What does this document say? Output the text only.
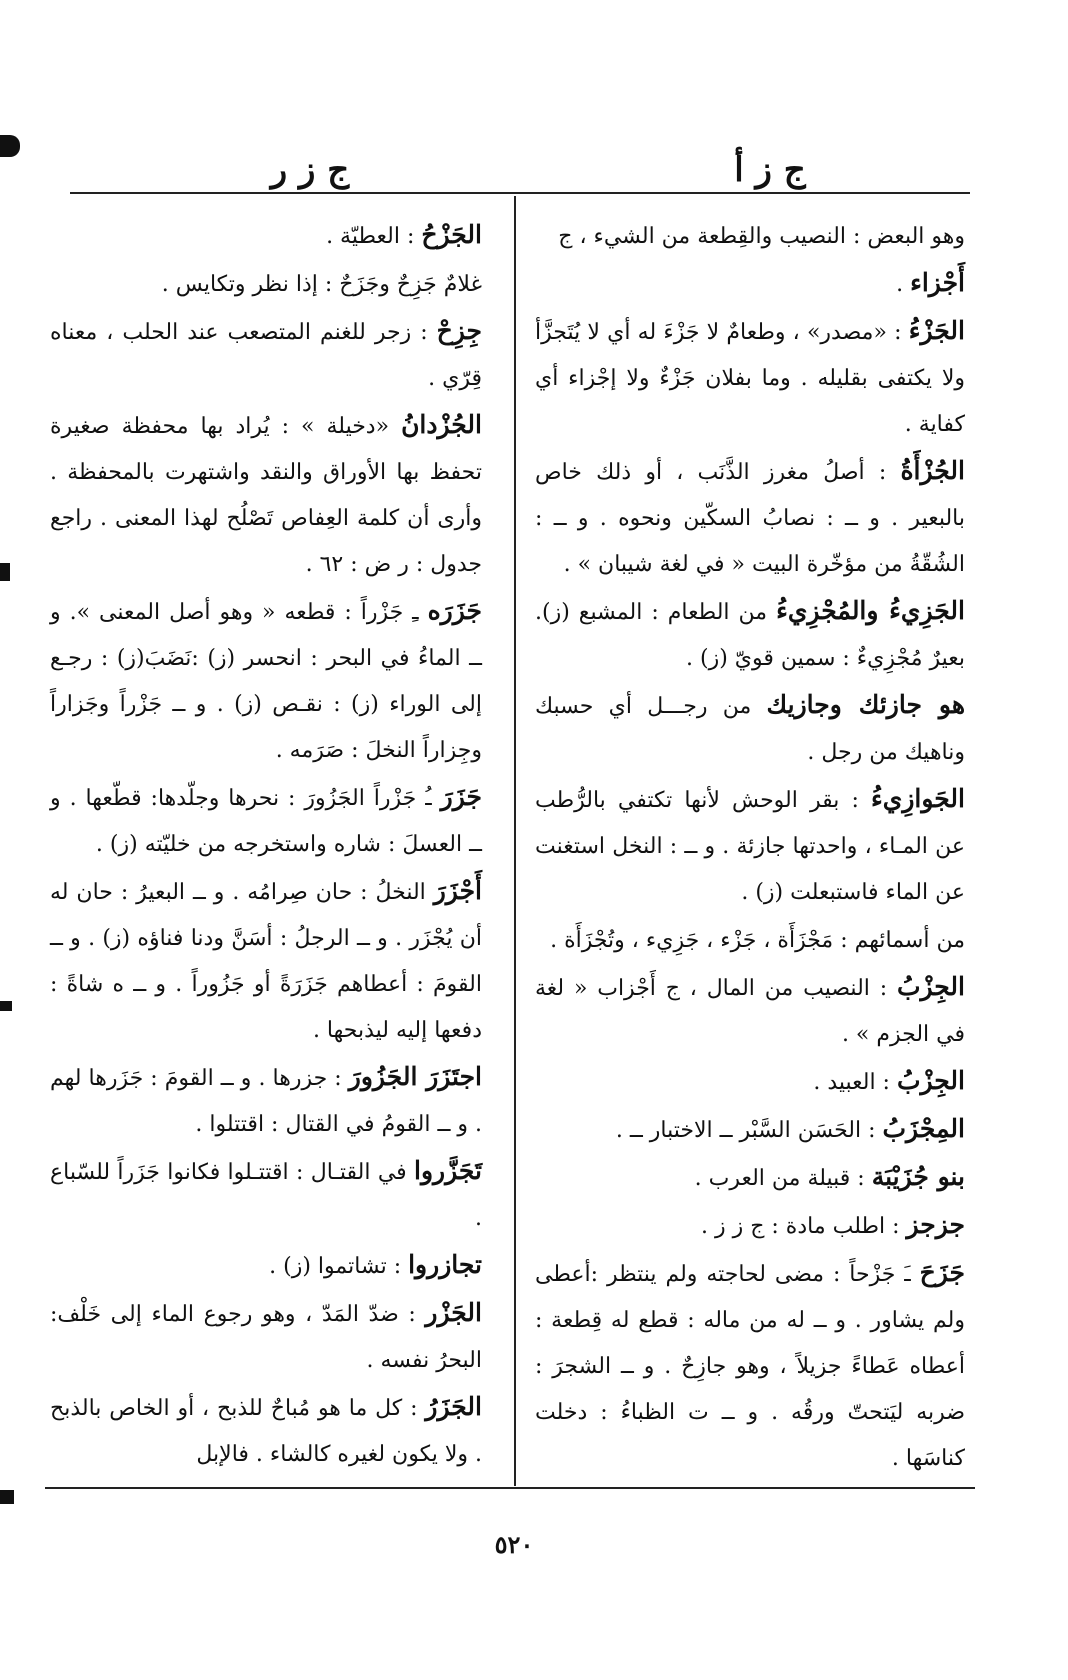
ج ز أ
ج ز ر

وهو البعض : النصيب والقِطعة من الشيء ، ج

أَجْزاء .

الجَزْءُ : «مصدر» ، وطعامٌ لا جَزْءَ له أي لا يُتَجزَّأ ولا يكتفى بقليله . وما بفلان جَزْءٌ ولا إجْزاء أي كفاية .

الجُزْأَةُ : أصلُ مغرز الذَّنَب ، أو ذلك خاص بالبعير . و ــ : نصابُ السكّين ونحوه . و ــ : الشُقّةُ من مؤخّرة البيت « في لغة شيبان » .

الجَزِيءُ والمُجْزِيءُ من الطعام : المشبع (ز). بعيرٌ مُجْزِيءٌ : سمين قويّ (ز) .

هو جازئك وجازيك من رجـــل أي حسبك وناهيك من رجل .

الجَوازِيءُ : بقر الوحش لأنها تكتفي بالرُّطب عن المـاء ، واحدتها جازئة . و ــ : النخل استغنت عن الماء فاستبعلت (ز) .

من أسمائهم : مَجْزَأَة ، جَزْء ، جَزِيء ، وتُجْزَأَة .

الجِزْبُ : النصيب من المال ، ج أَجْزاب « لغة في الجزم » .

الجِزْبُ : العبيد .

المِجْزَبُ : الحَسَن السَّبْر ــ الاختبار ــ .

بنو جُزَيْبَة : قبيلة من العرب .

جزجز : اطلب مادة : ج ز ز .

جَزَحَ ـَ جَزْحاً : مضى لحاجته ولم ينتظر :أعطى ولم يشاور . و ــ له من ماله : قطع له قِطعة : أعطاه عَطاءً جزيلاً ، وهو جازِحٌ . و ــ الشجرَ : ضربه ليَتحتّ ورقُه . و ــ ت الظباءُ : دخلت كناسَها .

الجَزْحُ : العطيّة .

غلامٌ جَزِحٌ وجَزَحٌ : إذا نظر وتكايس .

جِزِحْ : زجر للغنم المتصعب عند الحلب ، معناه قِرّي .

الجُزْدانُ «دخيلة » : يُراد بها محفظة صغيرة تحفظ بها الأوراق والنقد واشتهرت بالمحفظة . وأرى أن كلمة العِفاص تَصْلُح لهذا المعنى . راجع جدول : ر ض : ٦٢ .

جَزَرَه ـِ جَزْراً : قطعه « وهو أصل المعنى ». و ــ الماءُ في البحر : انحسر (ز) :نَضَبَ(ز) : رجـع إلى الوراء (ز) : نقـص (ز) . و ــ جَزْراً وجَزاراً وجِزاراً النخلَ : صَرَمه .

جَزَرَ ـُ جَزْراً الجَزُورَ : نحرها وجلّدها: قطّعها . و ــ العسلَ : شاره واستخرجه من خليّته (ز) .

أَجْزَرَ النخلُ : حان صِرامُه . و ــ البعيرُ : حان له أن يُجْزَر . و ــ الرجلُ : أسَنَّ ودنا فناؤه (ز) . و ــ القومَ : أعطاهم جَزَرَةً أو جَزُوراً . و ــ ه شاةً : دفعها إليه ليذبحها .

اجتَزَرَ الجَزُورَ : جزرها . و ــ القومَ : جَزَرها لهم . و ــ القومُ في القتال : اقتتلوا .

تَجَزَّروا في القتـال : اقتتـلوا فكانوا جَزَراً للسّباع .

تجازروا : تشاتموا (ز) .

الجَزْر : ضدّ المَدّ ، وهو رجوع الماء إلى خَلْف: البحرُ نفسه .

الجَزَرُ : كل ما هو مُباحٌ للذبح ، أو الخاص بالذبح . ولا يكون لغيره كالشاء . فالإبل

٥٢٠
